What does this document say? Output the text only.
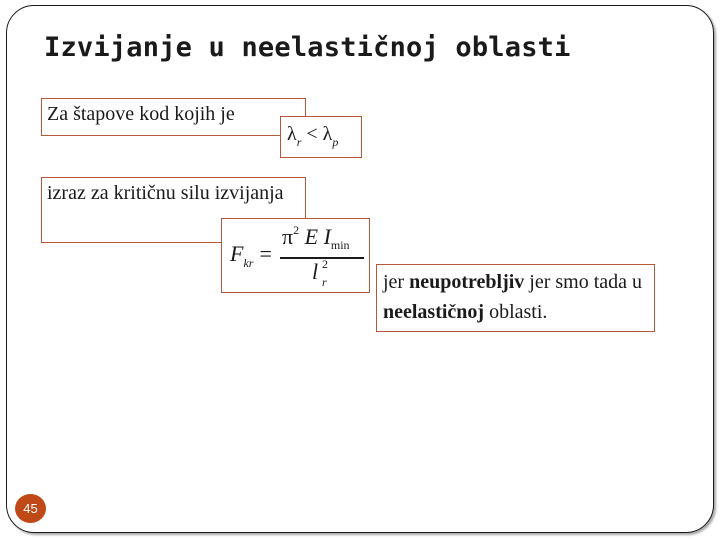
Izvijanje u neelastičnoj oblasti
Za štapove kod kojih je
$\lambda_r < \lambda_p$
izraz za kritičnu silu izvijanja
$F_{kr}$ =
$\pi^2$ E $I_{min}$
l 2
r	jer neupotrebljiv jer smo tada u neelastičnoj oblasti.
45
